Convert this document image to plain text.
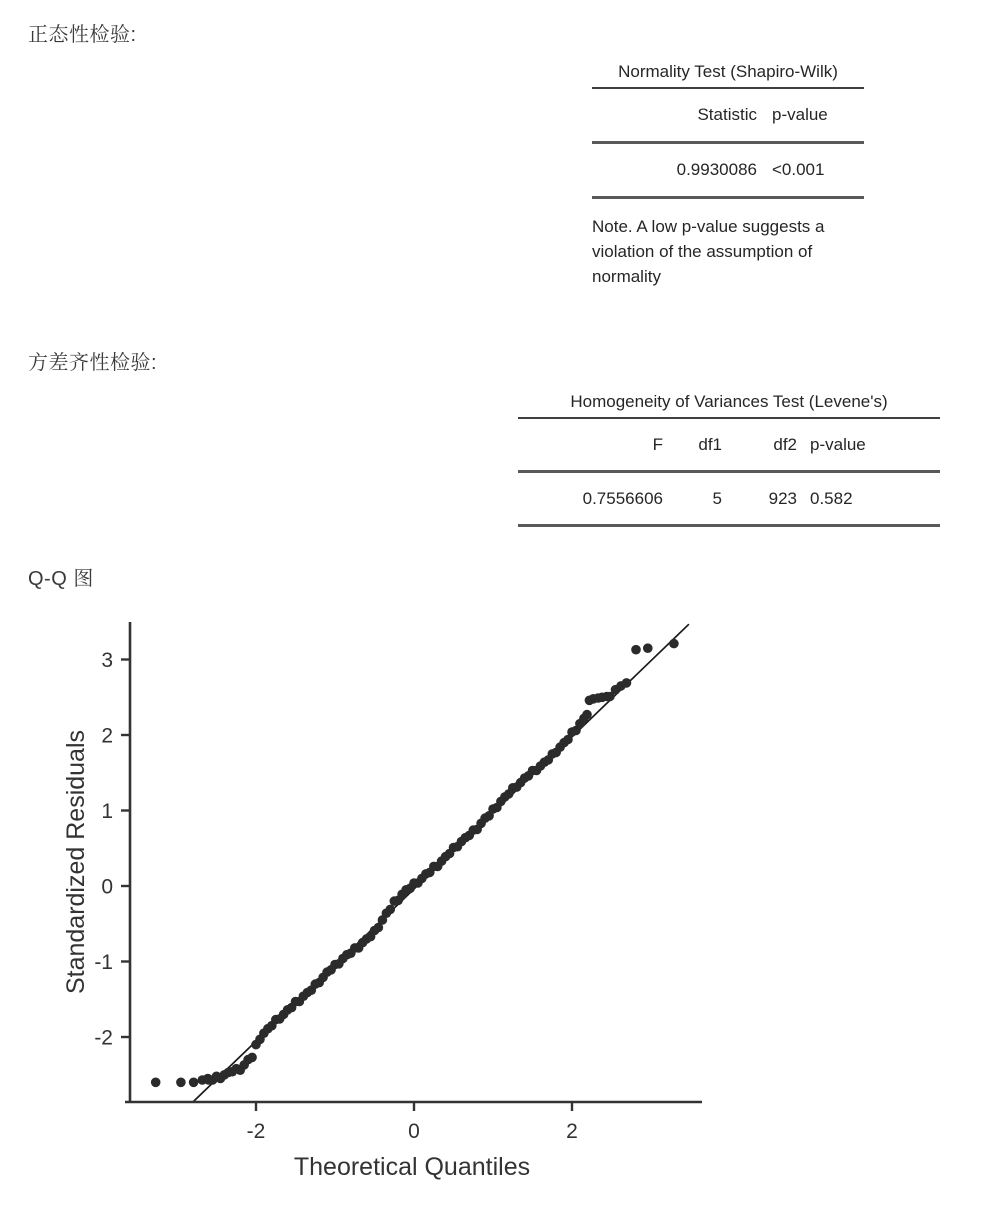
正态性检验:
Normality Test (Shapiro-Wilk)
Statistic p-value
0.9930086 <0.001
Note. A low p-value suggests a violation of the assumption of normality
方差齐性检验:
Homogeneity of Variances Test (Levene's)
F	df1	df2 p-value
0.7556606	5	923 0.582
Q-Q 图
-2	0	2
-2
-1
0
1
2
3
Theoretical Quantiles
Standardized Residuals
